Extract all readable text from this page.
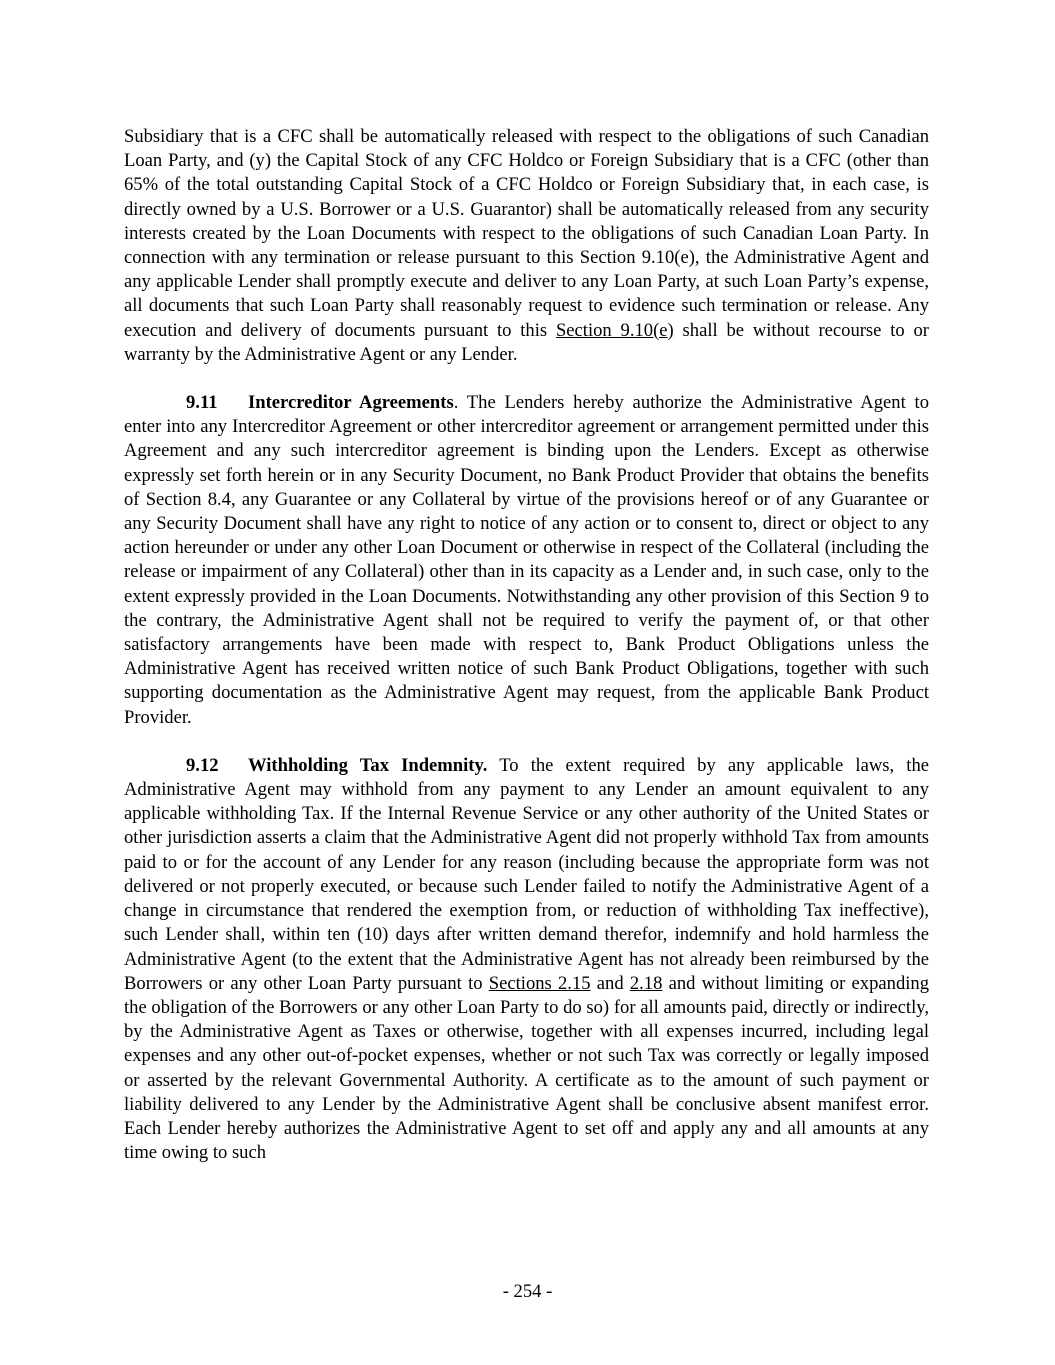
Subsidiary that is a CFC shall be automatically released with respect to the obligations of such Canadian Loan Party, and (y) the Capital Stock of any CFC Holdco or Foreign Subsidiary that is a CFC (other than 65% of the total outstanding Capital Stock of a CFC Holdco or Foreign Subsidiary that, in each case, is directly owned by a U.S. Borrower or a U.S. Guarantor) shall be automatically released from any security interests created by the Loan Documents with respect to the obligations of such Canadian Loan Party. In connection with any termination or release pursuant to this Section 9.10(e), the Administrative Agent and any applicable Lender shall promptly execute and deliver to any Loan Party, at such Loan Party’s expense, all documents that such Loan Party shall reasonably request to evidence such termination or release. Any execution and delivery of documents pursuant to this Section 9.10(e) shall be without recourse to or warranty by the Administrative Agent or any Lender.

9.11 Intercreditor Agreements. The Lenders hereby authorize the Administrative Agent to enter into any Intercreditor Agreement or other intercreditor agreement or arrangement permitted under this Agreement and any such intercreditor agreement is binding upon the Lenders. Except as otherwise expressly set forth herein or in any Security Document, no Bank Product Provider that obtains the benefits of Section 8.4, any Guarantee or any Collateral by virtue of the provisions hereof or of any Guarantee or any Security Document shall have any right to notice of any action or to consent to, direct or object to any action hereunder or under any other Loan Document or otherwise in respect of the Collateral (including the release or impairment of any Collateral) other than in its capacity as a Lender and, in such case, only to the extent expressly provided in the Loan Documents. Notwithstanding any other provision of this Section 9 to the contrary, the Administrative Agent shall not be required to verify the payment of, or that other satisfactory arrangements have been made with respect to, Bank Product Obligations unless the Administrative Agent has received written notice of such Bank Product Obligations, together with such supporting documentation as the Administrative Agent may request, from the applicable Bank Product Provider.

9.12 Withholding Tax Indemnity. To the extent required by any applicable laws, the Administrative Agent may withhold from any payment to any Lender an amount equivalent to any applicable withholding Tax. If the Internal Revenue Service or any other authority of the United States or other jurisdiction asserts a claim that the Administrative Agent did not properly withhold Tax from amounts paid to or for the account of any Lender for any reason (including because the appropriate form was not delivered or not properly executed, or because such Lender failed to notify the Administrative Agent of a change in circumstance that rendered the exemption from, or reduction of withholding Tax ineffective), such Lender shall, within ten (10) days after written demand therefor, indemnify and hold harmless the Administrative Agent (to the extent that the Administrative Agent has not already been reimbursed by the Borrowers or any other Loan Party pursuant to Sections 2.15 and 2.18 and without limiting or expanding the obligation of the Borrowers or any other Loan Party to do so) for all amounts paid, directly or indirectly, by the Administrative Agent as Taxes or otherwise, together with all expenses incurred, including legal expenses and any other out-of-pocket expenses, whether or not such Tax was correctly or legally imposed or asserted by the relevant Governmental Authority. A certificate as to the amount of such payment or liability delivered to any Lender by the Administrative Agent shall be conclusive absent manifest error. Each Lender hereby authorizes the Administrative Agent to set off and apply any and all amounts at any time owing to such

- 254 -
